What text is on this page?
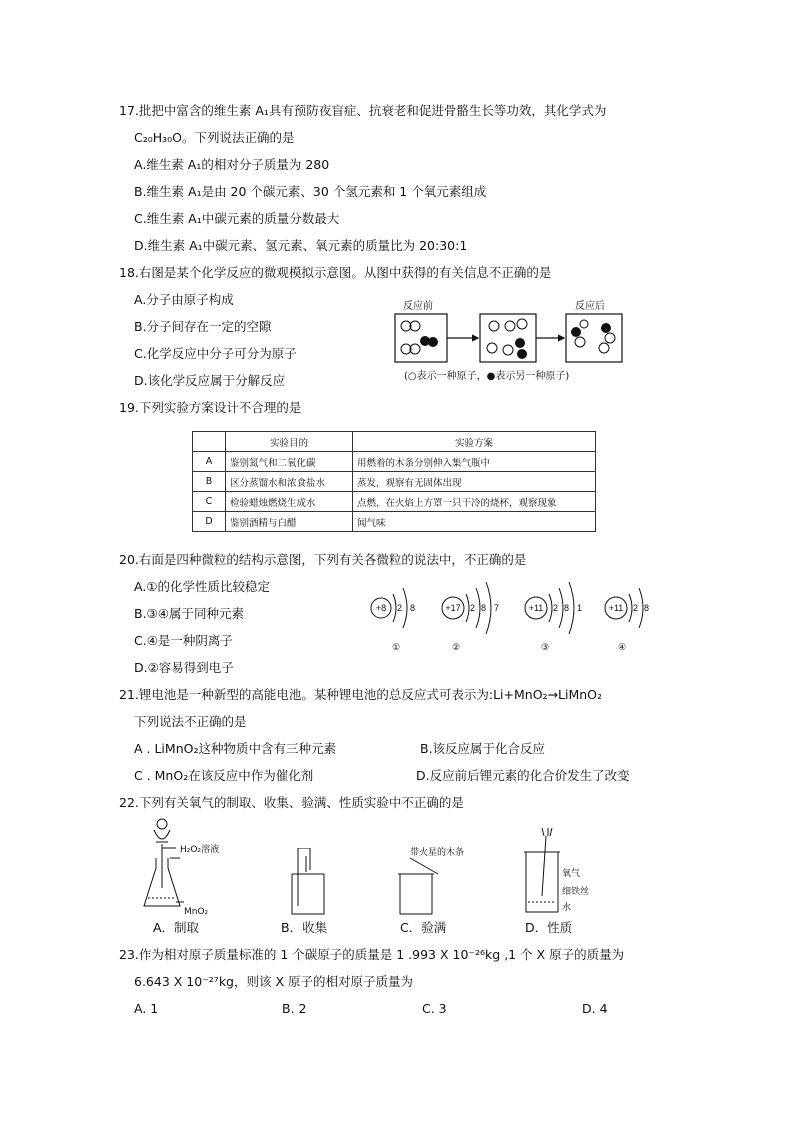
17.批把中富含的维生素 A₁具有预防夜盲症、抗衰老和促进骨骼生长等功效，其化学式为
C₂₀H₃₀O。下列说法正确的是
A.维生素 A₁的相对分子质量为 280
B.维生素 A₁是由 20 个碳元素、30 个氢元素和 1 个氧元素组成
C.维生素 A₁中碳元素的质量分数最大
D.维生素 A₁中碳元素、氢元素、氧元素的质量比为 20:30:1
18.右图是某个化学反应的微观模拟示意图。从图中获得的有关信息不正确的是
A.分子由原子构成
B.分子间存在一定的空隙
C.化学反应中分子可分为原子
D.该化学反应属于分解反应
反应前	反应后
(○表示一种原子，●表示另一种原子)
19.下列实验方案设计不合理的是
	实验目的	实验方案
A	鉴别氮气和二氧化碳	用燃着的木条分别伸入集气瓶中
B	区分蒸馏水和浓食盐水	蒸发，观察有无固体出现
C	检验蜡烛燃烧生成水	点燃，在火焰上方罩一只干冷的烧杯，观察现象
D	鉴别酒精与白醋	闻气味
20.右面是四种微粒的结构示意图，下列有关各微粒的说法中，不正确的是
A.①的化学性质比较稳定
B.③④属于同种元素
C.④是一种阴离子
D.②容易得到电子
+8 2 8
①
+17 2 8 7
②
+11 2 8 1
③
+11 2 8
④
21.锂电池是一种新型的高能电池。某种锂电池的总反应式可表示为:Li+MnO₂→LiMnO₂
下列说法不正确的是
A . LiMnO₂这种物质中含有三种元素	B.该反应属于化合反应
C . MnO₂在该反应中作为催化剂	D.反应前后锂元素的化合价发生了改变
22.下列有关氧气的制取、收集、验满、性质实验中不正确的是
H₂O₂溶液
MnO₂
带火星的木条
氧气
细铁丝
水
A．制取	B．收集	C．验满	D．性质
23.作为相对原子质量标准的 1 个碳原子的质量是 1 .993 X 10⁻²⁶kg ,1 个 X 原子的质量为
6.643 X 10⁻²⁷kg，则该 X 原子的相对原子质量为
A. 1	B. 2	C. 3	D. 4
